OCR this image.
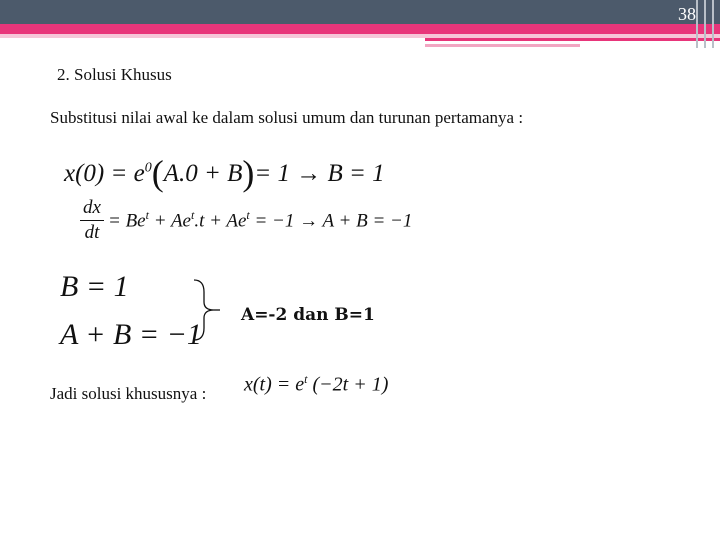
38
2. Solusi Khusus
Substitusi nilai awal ke dalam solusi umum dan turunan pertamanya :
$x(0) = e^0(A.0 + B)= 1 \to B = 1$
$\frac{dx}{dt} = Be^t + Ae^t.t + Ae^t = -1 \to A + B = -1$
B = 1
A + B = −1
A=-2 dan B=1
Jadi solusi khususnya : $x(t) = e^t$ (−2t + 1)
